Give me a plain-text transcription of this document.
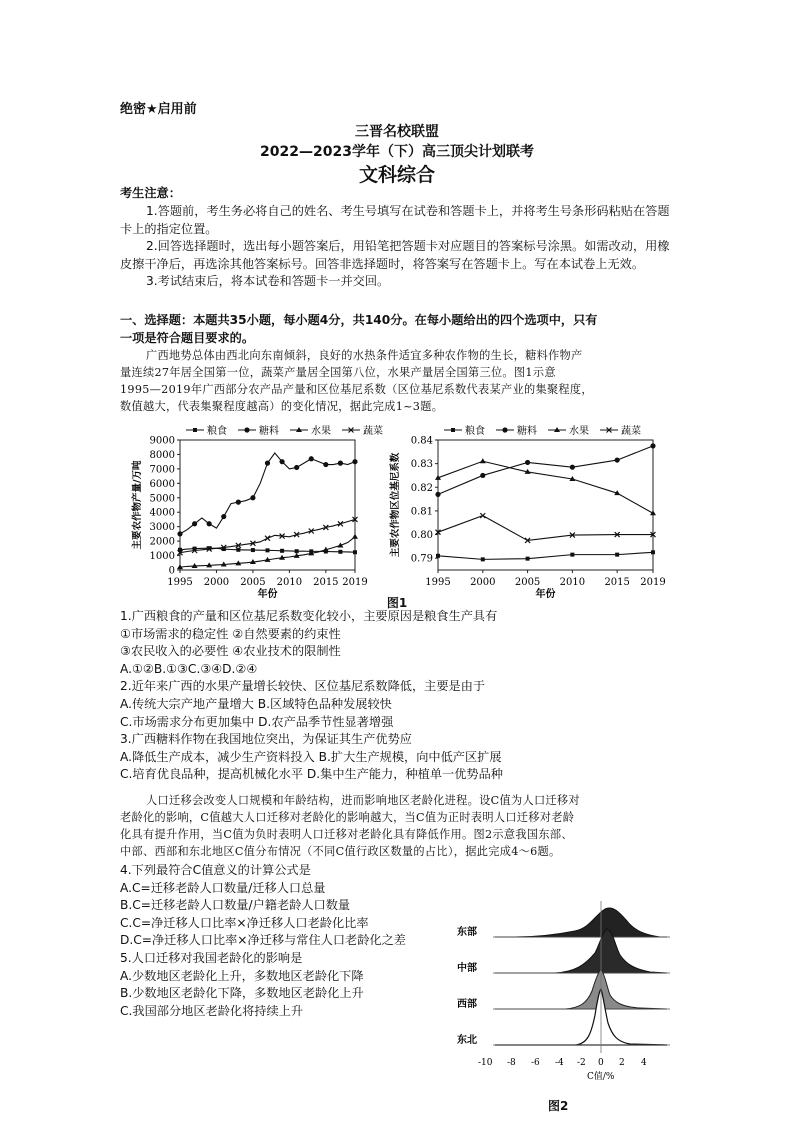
绝密★启用前
三晋名校联盟
2022—2023学年（下）高三顶尖计划联考
文科综合
考生注意：

1.答题前，考生务必将自己的姓名、考生号填写在试卷和答题卡上，并将考生号条形码粘贴在答题卡上的指定位置。

2.回答选择题时，选出每小题答案后，用铅笔把答题卡对应题目的答案标号涂黑。如需改动，用橡皮擦干净后，再选涂其他答案标号。回答非选择题时，将答案写在答题卡上。写在本试卷上无效。

3.考试结束后，将本试卷和答题卡一并交回。

一、选择题：本题共35小题，每小题4分，共140分。在每小题给出的四个选项中，只有
一项是符合题目要求的。
广西地势总体由西北向东南倾斜，良好的水热条件适宜多种农作物的生长，糖料作物产
量连续27年居全国第一位，蔬菜产量居全国第八位，水果产量居全国第三位。图1示意
1995—2019年广西部分农产品产量和区位基尼系数（区位基尼系数代表某产业的集聚程度，
数值越大，代表集聚程度越高）的变化情况，据此完成1~3题。
0
1000
2000
3000
4000
5000
6000
7000
8000
9000
1995 2000 2005 2010 2015 2019
年份
主要农作物产量/万吨
粮食	糖料	水果	蔬菜
0.79
0.80
0.81
0.82
0.83
0.84
1995 2000 2005 2010 2015 2019
年份
主要农作物区位基尼系数
粮食	糖料	水果	蔬菜
图1
1.广西粮食的产量和区位基尼系数变化较小，主要原因是粮食生产具有
①市场需求的稳定性 ②自然要素的约束性
③农民收入的必要性 ④农业技术的限制性
A.①②B.①③C.③④D.②④
2.近年来广西的水果产量增长较快、区位基尼系数降低，主要是由于
A.传统大宗产地产量增大 B.区域特色品种发展较快
C.市场需求分布更加集中 D.农产品季节性显著增强
3.广西糖料作物在我国地位突出，为保证其生产优势应
A.降低生产成本，减少生产资料投入 B.扩大生产规模，向中低产区扩展
C.培育优良品种，提高机械化水平 D.集中生产能力，种植单一优势品种
人口迁移会改变人口规模和年龄结构，进而影响地区老龄化进程。设C值为人口迁移对
老龄化的影响，C值越大人口迁移对老龄化的影响越大，当C值为正时表明人口迁移对老龄
化具有提升作用，当C值为负时表明人口迁移对老龄化具有降低作用。图2示意我国东部、
中部、西部和东北地区C值分布情况（不同C值行政区数量的占比），据此完成4～6题。
4.下列最符合C值意义的计算公式是
A.C=迁移老龄人口数量/迁移人口总量
B.C=迁移老龄人口数量/户籍老龄人口数量
C.C=净迁移人口比率×净迁移人口老龄化比率
D.C=净迁移人口比率×净迁移与常住人口老龄化之差
5.人口迁移对我国老龄化的影响是
A.少数地区老龄化上升，多数地区老龄化下降
B.少数地区老龄化下降，多数地区老龄化上升
C.我国部分地区老龄化将持续上升
东部
中部
西部
东北
-10 -8 -6 -4 -2 0 2 4
C值/%
图2
